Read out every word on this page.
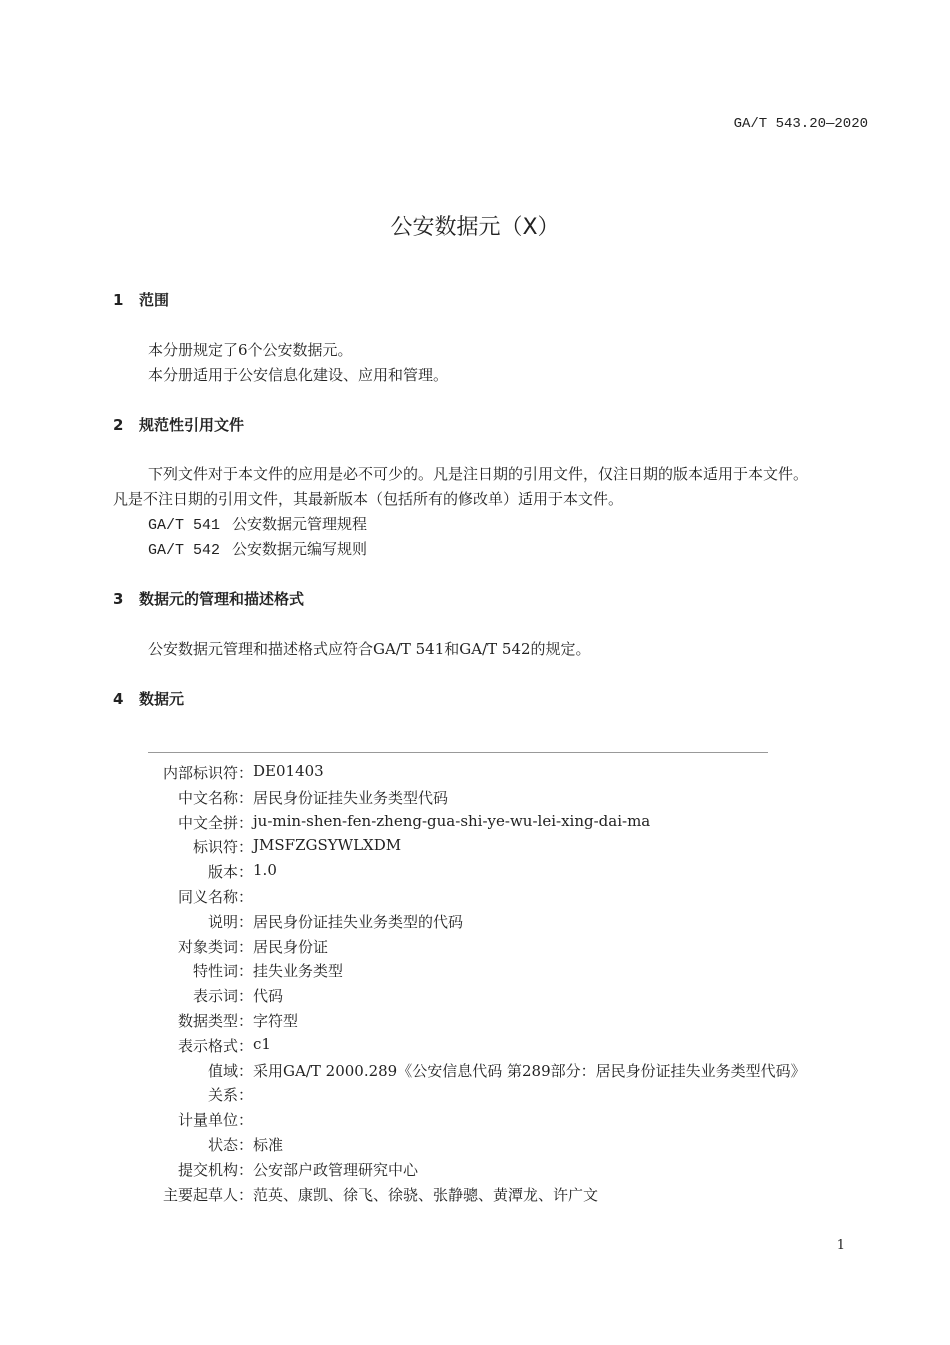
GA/T 543.20—2020
公安数据元（X）
1 范围
本分册规定了6个公安数据元。
本分册适用于公安信息化建设、应用和管理。
2 规范性引用文件
下列文件对于本文件的应用是必不可少的。凡是注日期的引用文件，仅注日期的版本适用于本文件。
凡是不注日期的引用文件，其最新版本（包括所有的修改单）适用于本文件。
GA/T 541 公安数据元管理规程
GA/T 542 公安数据元编写规则
3 数据元的管理和描述格式
公安数据元管理和描述格式应符合GA/T 541和GA/T 542的规定。
4 数据元
内部标识符 ： DE01403
中文名称 ： 居民身份证挂失业务类型代码
中文全拼 ： ju-min-shen-fen-zheng-gua-shi-ye-wu-lei-xing-dai-ma
标识符 ： JMSFZGSYWLXDM
版本 ： 1.0
同义名称 ：
说明 ： 居民身份证挂失业务类型的代码
对象类词 ： 居民身份证
特性词 ： 挂失业务类型
表示词 ： 代码
数据类型 ： 字符型
表示格式 ： c1
值域 ： 采用GA/T 2000.289《公安信息代码 第289部分：居民身份证挂失业务类型代码》
关系 ：
计量单位 ：
状态 ： 标准
提交机构 ： 公安部户政管理研究中心
主要起草人 ： 范英、康凯、徐飞、徐骁、张静骢、黄潭龙、许广文
1
